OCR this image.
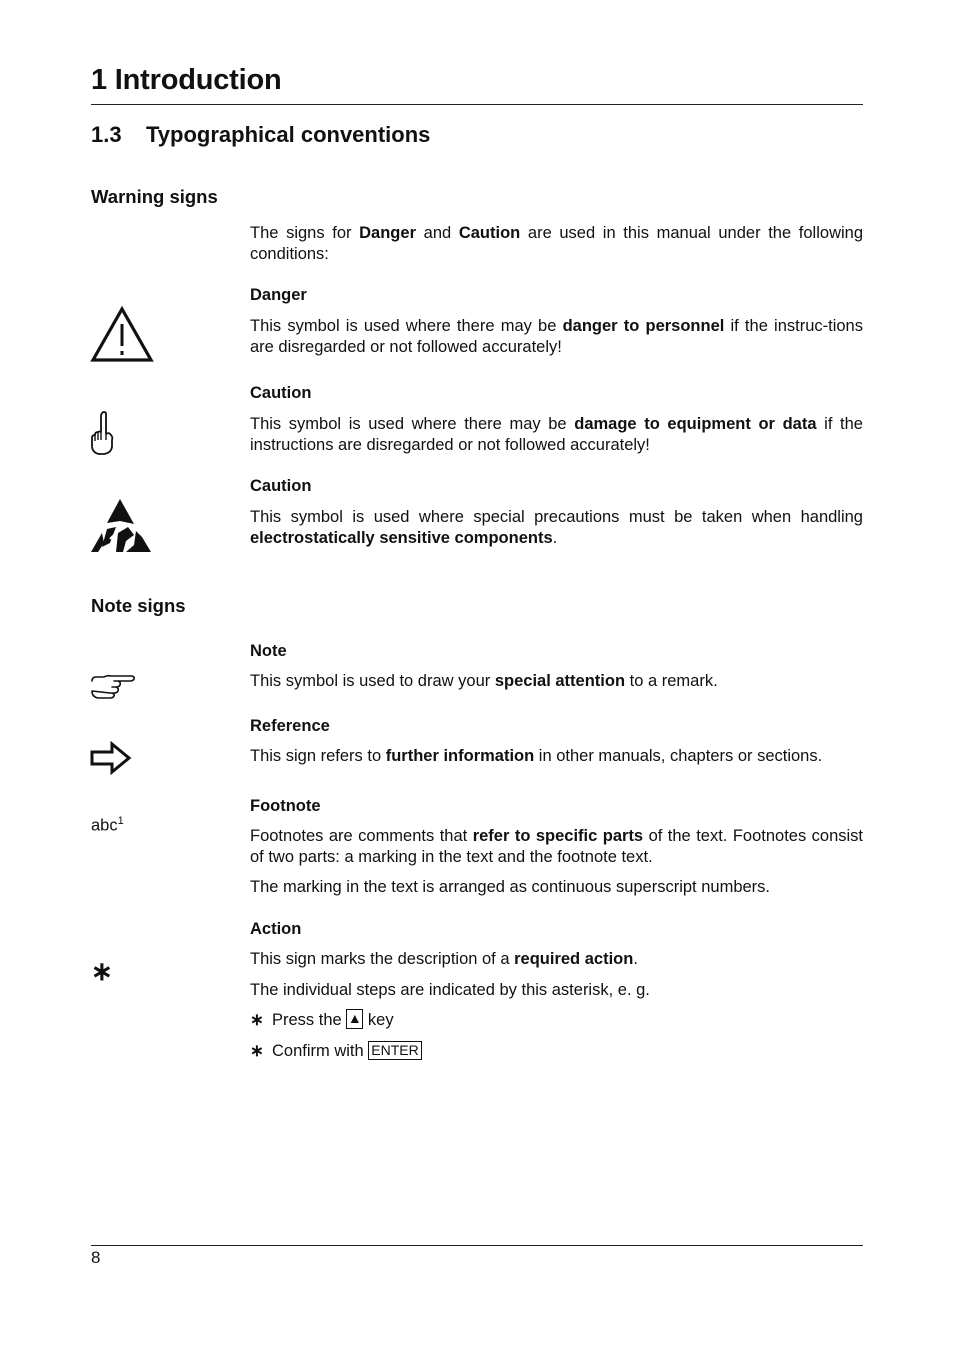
1 Introduction
1.3 Typographical conventions
Warning signs
The signs for Danger and Caution are used in this manual under the following conditions:
Danger
This symbol is used where there may be danger to personnel if the instruc-tions are disregarded or not followed accurately!
Caution
This symbol is used where there may be damage to equipment or data if the instructions are disregarded or not followed accurately!
Caution
This symbol is used where special precautions must be taken when handling electrostatically sensitive components.
Note signs
Note
This symbol is used to draw your special attention to a remark.
Reference
This sign refers to further information in other manuals, chapters or sections.
abc$^1$
Footnote
Footnotes are comments that refer to specific parts of the text. Footnotes consist of two parts: a marking in the text and the footnote text.
The marking in the text is arranged as continuous superscript numbers.
∗
Action
This sign marks the description of a required action.
The individual steps are indicated by this asterisk, e. g.
∗ Press the ▲ key
∗ Confirm with ENTER
8
